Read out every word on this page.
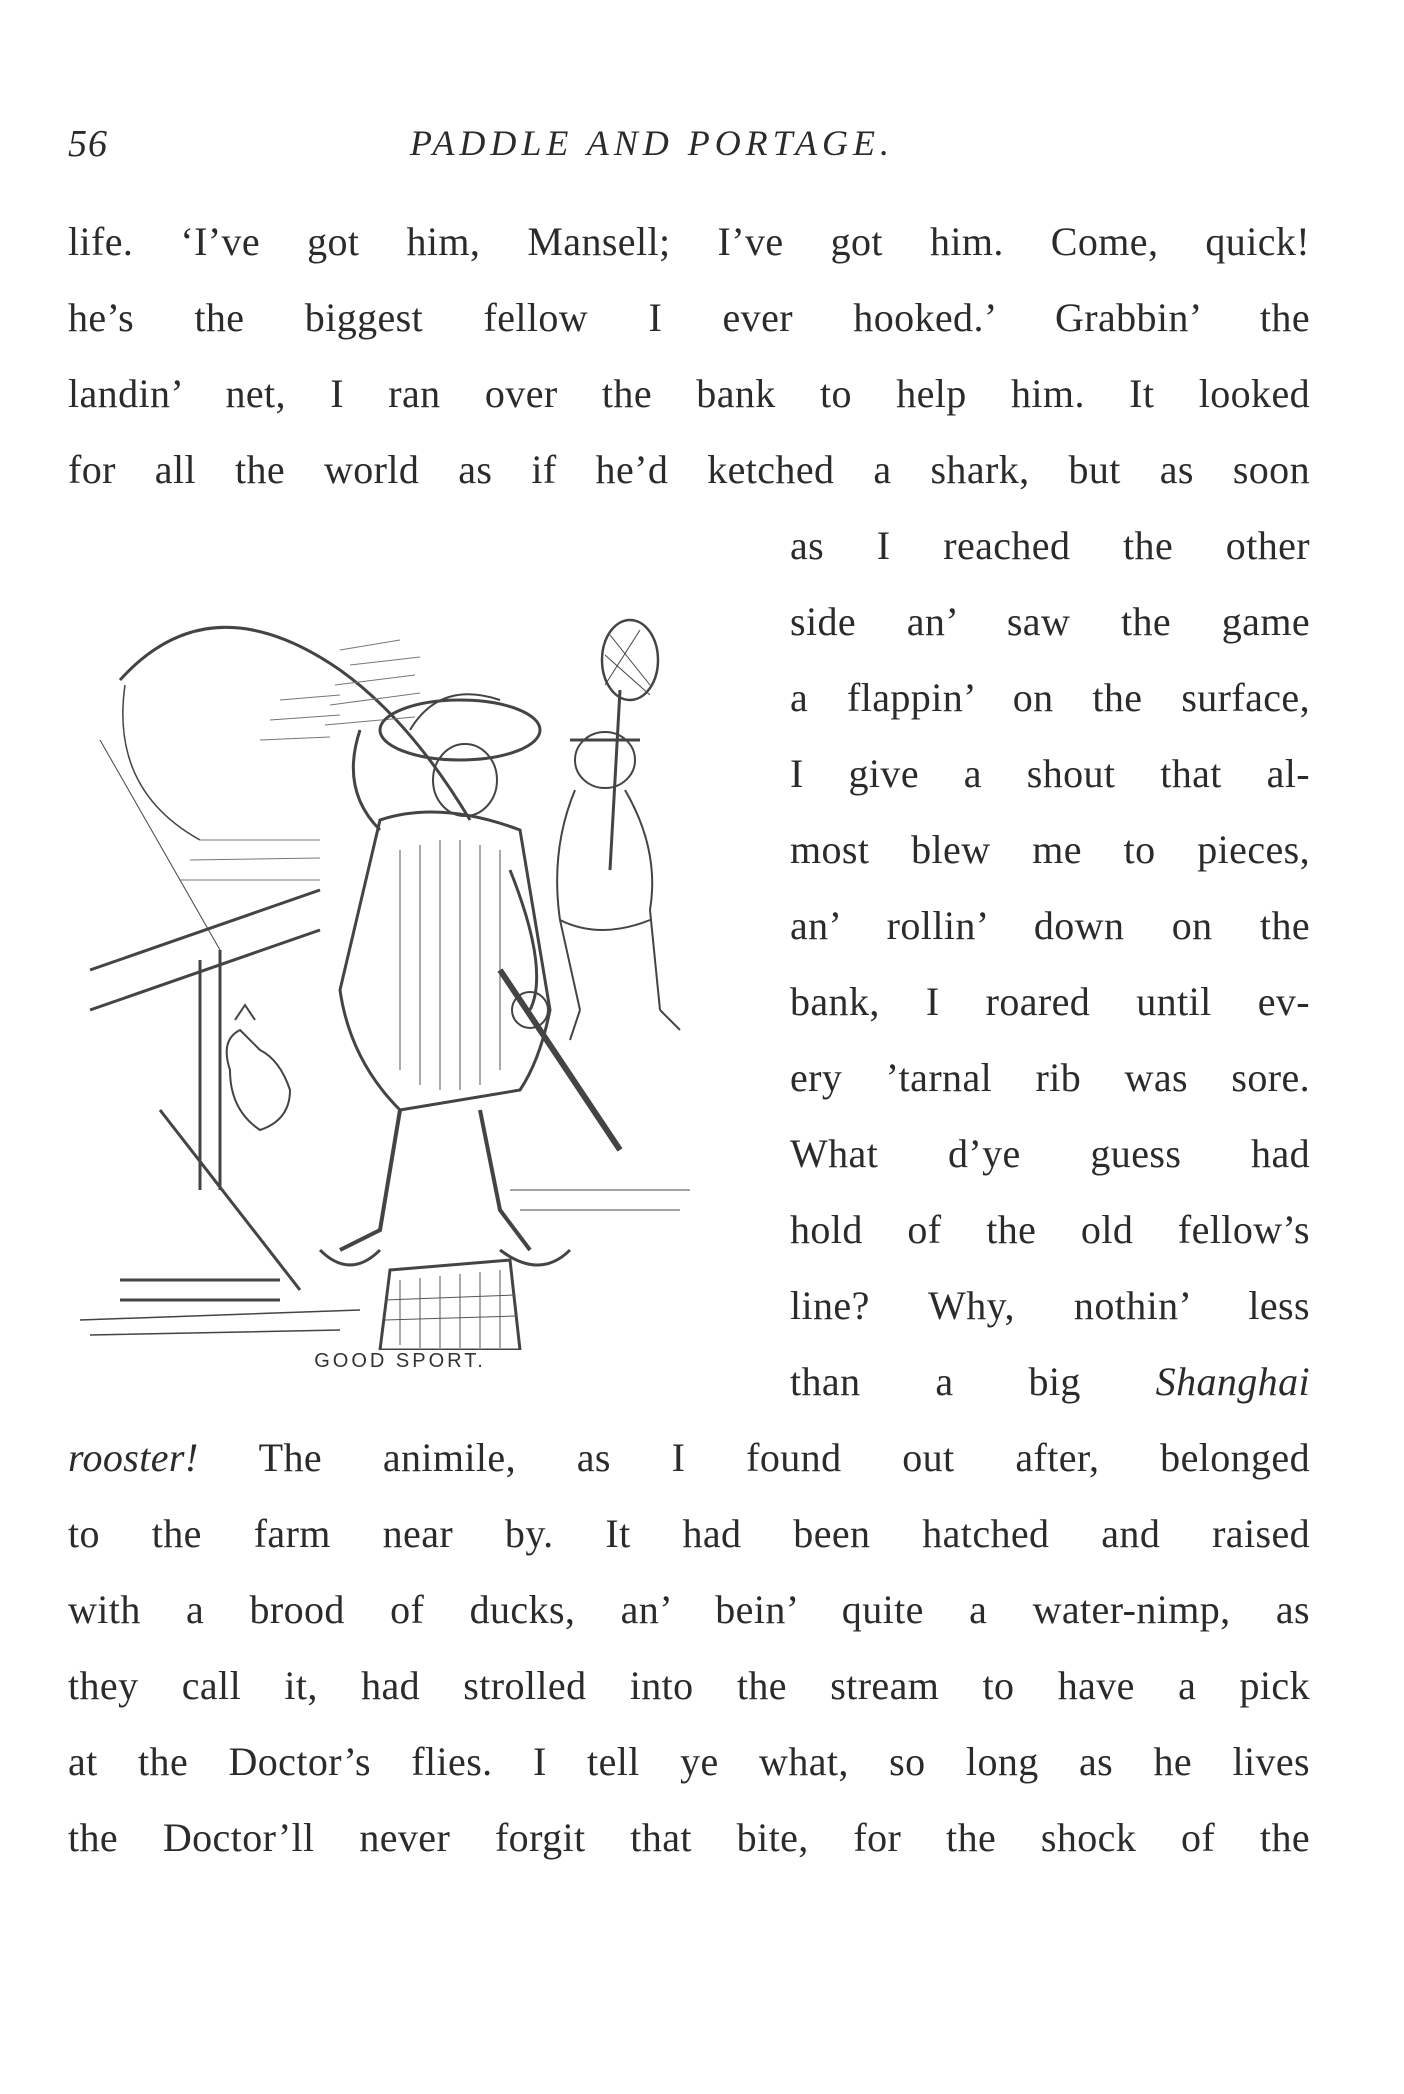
56	PADDLE AND PORTAGE.
life. ‘I’ve got him, Mansell; I’ve got him. Come, quick!
he’s the biggest fellow I ever hooked.’ Grabbin’ the
landin’ net, I ran over the bank to help him. It looked
for all the world as if he’d ketched a shark, but as soon
as I reached the other
side an’ saw the game
a flappin’ on the surface,
I give a shout that al-
most blew me to pieces,
an’ rollin’ down on the
bank, I roared until ev-
ery ’tarnal rib was sore.
What d’ye guess had
hold of the old fellow’s
line? Why, nothin’ less
than a big Shanghai
rooster! The animile, as I found out after, belonged
to the farm near by. It had been hatched and raised
with a brood of ducks, an’ bein’ quite a water-nimp, as
they call it, had strolled into the stream to have a pick
at the Doctor’s flies. I tell ye what, so long as he lives
the Doctor’ll never forgit that bite, for the shock of the
GOOD SPORT.
